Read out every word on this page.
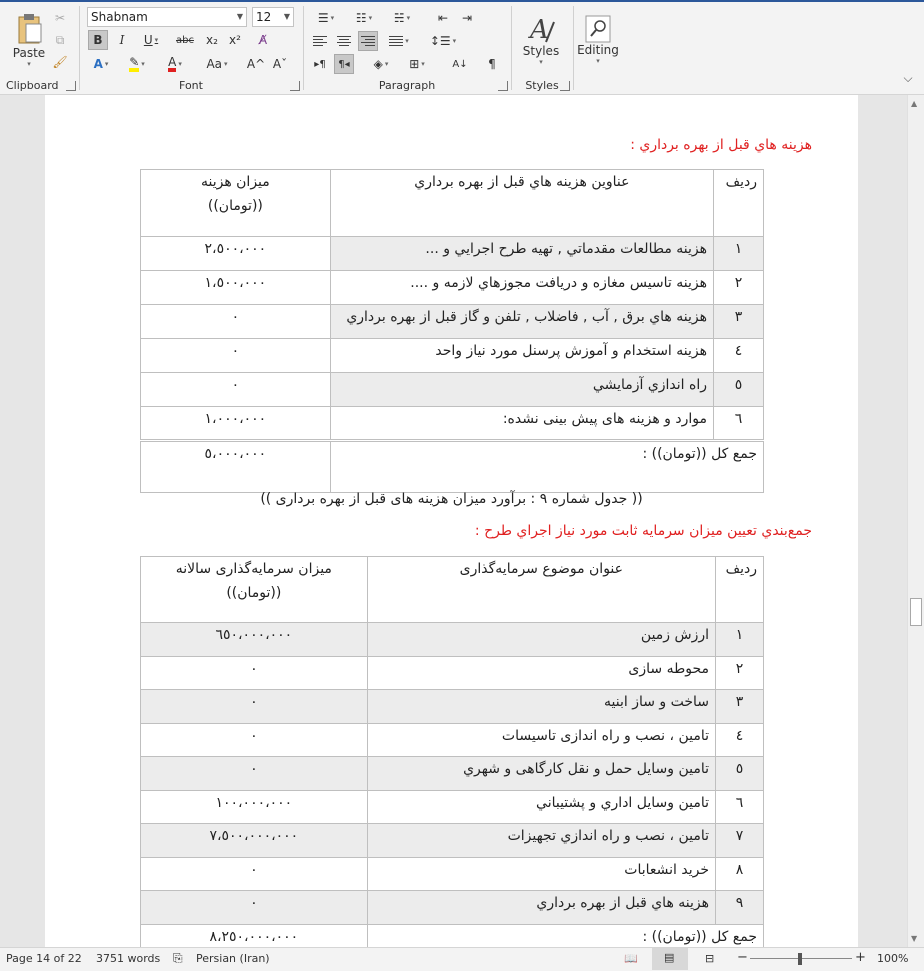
Paste
▾
✂
⧉
🖌
Clipboard
Shabnam	▼	12 ▼
B I U ▾ abc x₂ x²	A̸
A ▾ ✎ ▾ A ▾ Aa ▾ A^ Aˇ
Font
☰ ▾ ☷ ▾ ☵ ▾	⇤	⇥
▾ ↕☰ ▾
▸¶	¶◂	◈ ▾ ⊞ ▾	A↓	¶
Paragraph
A
Styles
▾
Styles
Editing
▾
⌵
هزینه هاي قبل از بهره برداري :
رديف	عناوين هزينه هاي قبل از بهره برداري	ميزان هزينه
((تومان))

١	هزينه مطالعات مقدماتي , تهيه طرح اجرايي و ...	٢،٥٠٠،٠٠٠
٢	هزينه تاسيس مغازه و دريافت مجوزهاي لازمه و ....	١،٥٠٠،٠٠٠
٣	هزينه هاي برق , آب , فاضلاب , تلفن و گاز قبل از بهره برداري	٠
٤	هزينه استخدام و آموزش پرسنل مورد نياز واحد	٠
٥	راه اندازي آزمايشي	٠
٦	موارد و هزينه های پیش بینی نشده:	١،٠٠٠،٠٠٠
جمع کل ((تومان)) :		٥،٠٠٠،٠٠٠
(( جدول شماره ٩ : برآورد ميزان هزينه های قبل از بهره برداری ))
جمع‌بندي تعيين ميزان سرمايه ثابت مورد نياز اجراي طرح :
رديف	عنوان موضوع سرمايه‌گذاری	ميزان سرمايه‌گذاری سالانه
((تومان))

١	ارزش زمين	٦٥٠،٠٠٠،٠٠٠
٢	محوطه سازی	٠
٣	ساخت و ساز ابنيه	٠
٤	تامين ، نصب و راه اندازی تاسيسات	٠
٥	تامين وسايل حمل و نقل کارگاهی و شهري	٠
٦	تامين وسايل اداري و پشتيباني	١٠٠،٠٠٠،٠٠٠
٧	تامين ، نصب و راه اندازي تجهيزات	٧،٥٠٠،٠٠٠،٠٠٠
٨	خريد انشعابات	٠
٩	هزينه هاي قبل از بهره برداري	٠
جمع کل ((تومان)) :		٨،٢٥٠،٠٠٠،٠٠٠
▲
▼
Page 14 of 22 3751 words ⎘ Persian (Iran)	📖 ▤	⊟ −	+ 100%
